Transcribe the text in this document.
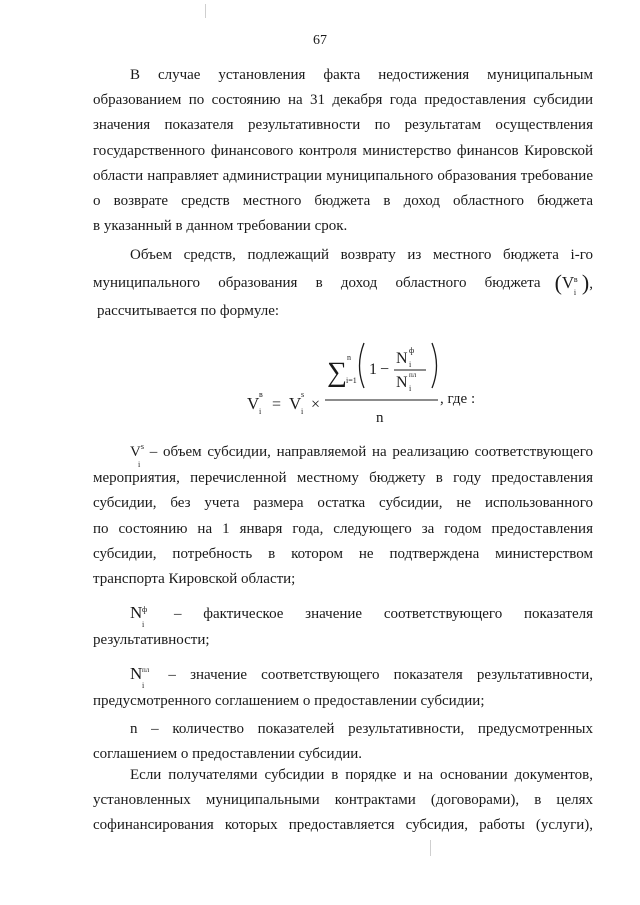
67
В случае установления факта недостижения муниципальным
образованием по состоянию на 31 декабря года предоставления субсидии
значения показателя результативности по результатам осуществления
государственного финансового контроля министерство финансов Кировской
области направляет администрации муниципального образования требование
о возврате средств местного бюджета в доход областного бюджета
в указанный в данном требовании срок.
Объем средств, подлежащий возврату из местного бюджета i-го
муниципального образования в доход областного бюджета (V в
i ),
рассчитывается по формуле:
V в
i = V s
i ×
∑ n
i=1
1 −
N ф
i
N пл
i
n
, где :
$V^s$
i
– объем субсидии, направляемой на реализацию соответствующего
мероприятия, перечисленной местному бюджету в году предоставления
субсидии, без учета размера остатка субсидии, не использованного
по состоянию на 1 января года, следующего за годом предоставления
субсидии, потребность в котором не подтверждена министерством
транспорта Кировской области;
N ф
i
– фактическое значение соответствующего показателя
результативности;
N пл
i
– значение соответствующего показателя результативности,
предусмотренного соглашением о предоставлении субсидии;
n – количество показателей результативности, предусмотренных
соглашением о предоставлении субсидии.
Если получателями субсидии в порядке и на основании документов,
установленных муниципальными контрактами (договорами), в целях
софинансирования которых предоставляется субсидия, работы (услуги),
